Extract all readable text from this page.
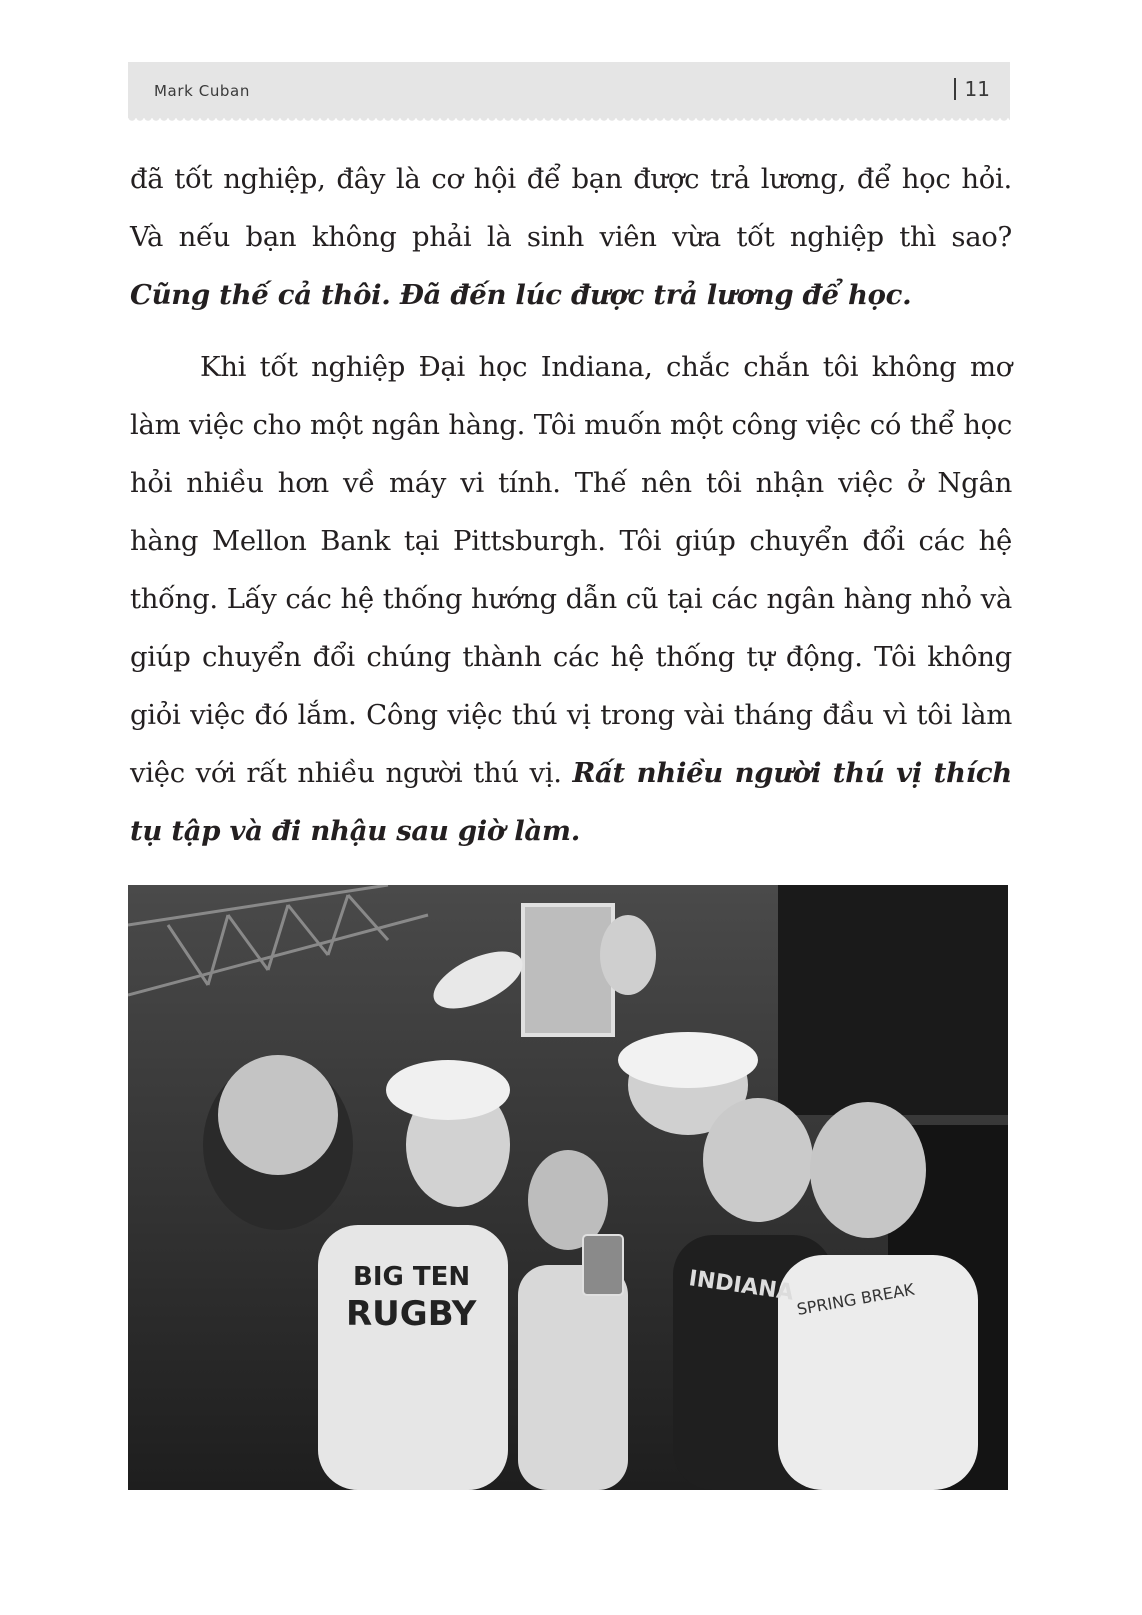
Mark Cuban	11
đã tốt nghiệp, đây là cơ hội để bạn được trả lương, để học hỏi. Và nếu bạn không phải là sinh viên vừa tốt nghiệp thì sao? Cũng thế cả thôi. Đã đến lúc được trả lương để học.
Khi tốt nghiệp Đại học Indiana, chắc chắn tôi không mơ làm việc cho một ngân hàng. Tôi muốn một công việc có thể học hỏi nhiều hơn về máy vi tính. Thế nên tôi nhận việc ở Ngân hàng Mellon Bank tại Pittsburgh. Tôi giúp chuyển đổi các hệ thống. Lấy các hệ thống hướng dẫn cũ tại các ngân hàng nhỏ và giúp chuyển đổi chúng thành các hệ thống tự động. Tôi không giỏi việc đó lắm. Công việc thú vị trong vài tháng đầu vì tôi làm việc với rất nhiều người thú vị. Rất nhiều người thú vị thích tụ tập và đi nhậu sau giờ làm.
BIG TEN
RUGBY
INDIANA SPRING BREAK
